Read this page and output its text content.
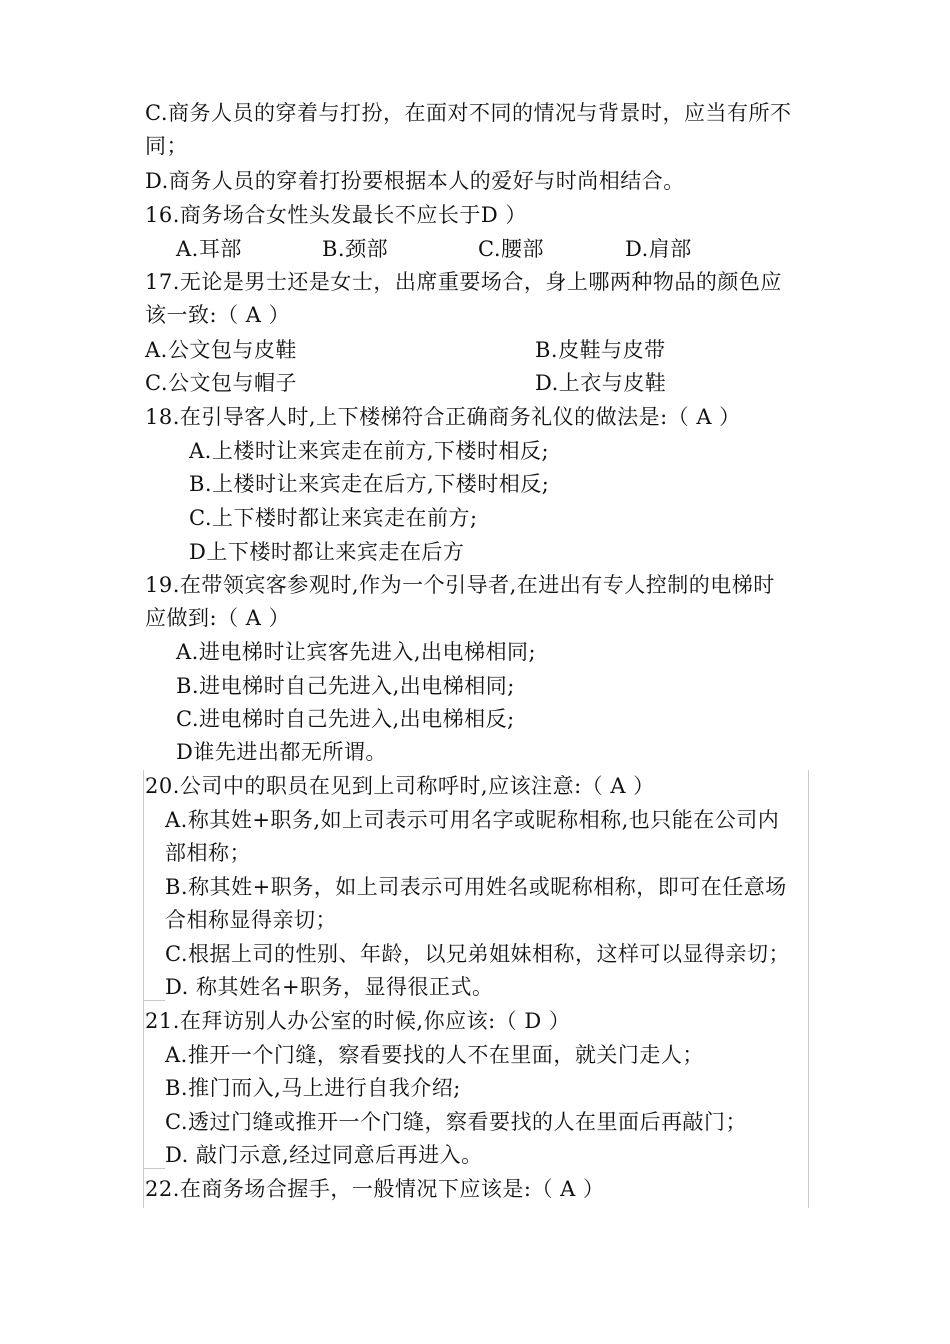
C.商务人员的穿着与打扮，在面对不同的情况与背景时，应当有所不
同；
D.商务人员的穿着打扮要根据本人的爱好与时尚相结合。
16.商务场合女性头发最长不应长于D ）
A.耳部	B.颈部	C.腰部	D.肩部
17.无论是男士还是女士，出席重要场合，身上哪两种物品的颜色应
该一致:（ A ）
A.公文包与皮鞋	B.皮鞋与皮带
C.公文包与帽子	D.上衣与皮鞋
18.在引导客人时,上下楼梯符合正确商务礼仪的做法是:（ A ）
A.上楼时让来宾走在前方,下楼时相反;
B.上楼时让来宾走在后方,下楼时相反;
C.上下楼时都让来宾走在前方;
D上下楼时都让来宾走在后方
19.在带领宾客参观时,作为一个引导者,在进出有专人控制的电梯时
应做到:（ A ）
A.进电梯时让宾客先进入,出电梯相同;
B.进电梯时自己先进入,出电梯相同;
C.进电梯时自己先进入,出电梯相反;
D谁先进出都无所谓。
20.公司中的职员在见到上司称呼时,应该注意:（ A ）
A.称其姓+职务,如上司表示可用名字或昵称相称,也只能在公司内
部相称；
B.称其姓+职务，如上司表示可用姓名或昵称相称，即可在任意场
合相称显得亲切；
C.根据上司的性别、年龄，以兄弟姐妹相称，这样可以显得亲切；
D. 称其姓名+职务，显得很正式。
21.在拜访别人办公室的时候,你应该:（ D ）
A.推开一个门缝，察看要找的人不在里面，就关门走人；
B.推门而入,马上进行自我介绍;
C.透过门缝或推开一个门缝，察看要找的人在里面后再敲门；
D. 敲门示意,经过同意后再进入。
22.在商务场合握手，一般情况下应该是:（ A ）
